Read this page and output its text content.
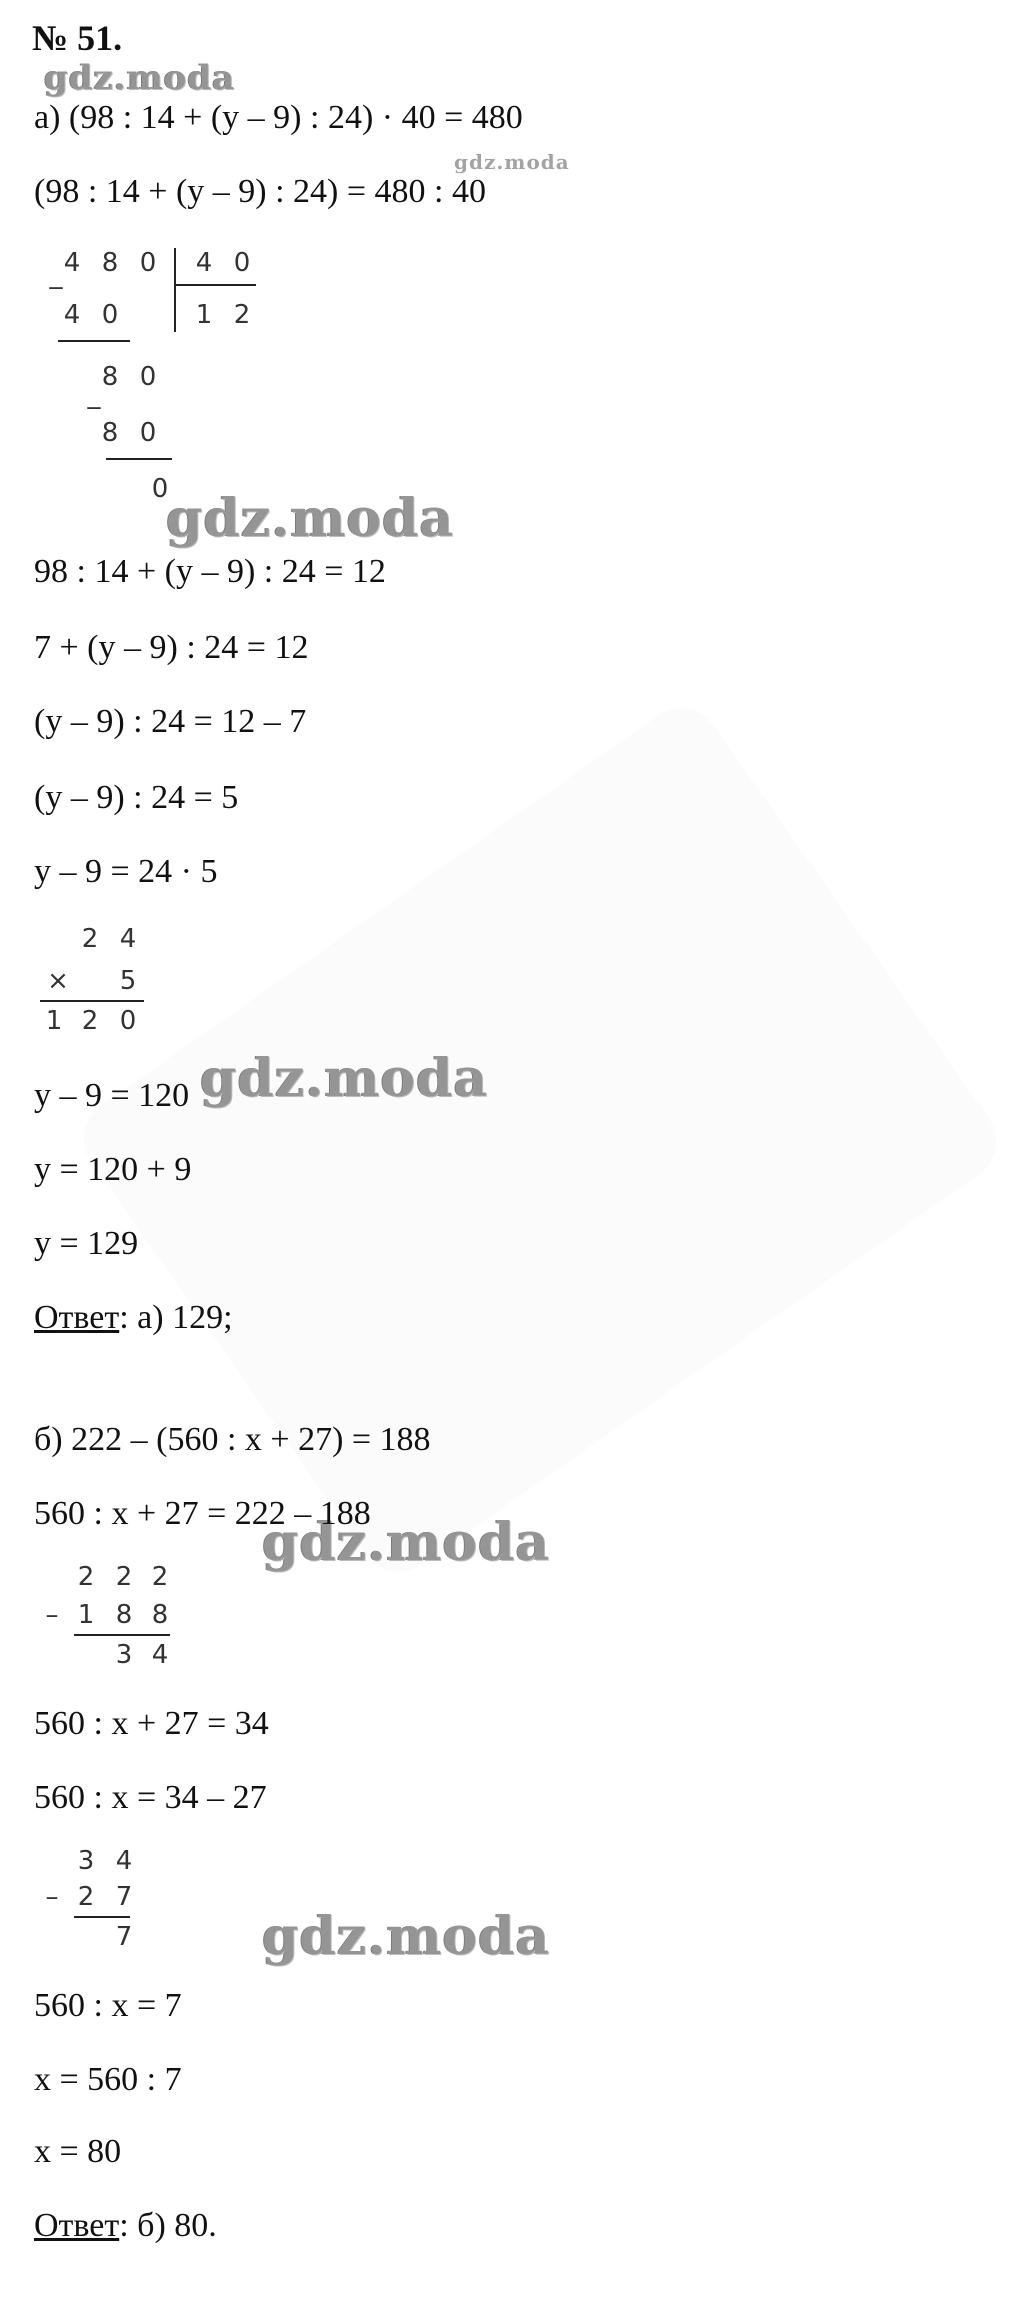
№ 51.
gdz.moda
gdz.moda
gdz.moda
gdz.moda
gdz.moda
gdz.moda
а) (98 : 14 + (y – 9) : 24) · 40 = 480
(98 : 14 + (y – 9) : 24) = 480 : 40
_ 4 8 0 4 0
1 2
4 0
_
8 0
8 0
0
98 : 14 + (y – 9) : 24 = 12
7 + (y – 9) : 24 = 12
(y – 9) : 24 = 12 – 7
(y – 9) : 24 = 5
y – 9 = 24 · 5
2 4
× 5
1 2 0
y – 9 = 120
y = 120 + 9
y = 129
Ответ: а) 129;
б) 222 – (560 : x + 27) = 188
560 : x + 27 = 222 – 188
2 2 2
– 1 8 8
3 4
560 : x + 27 = 34
560 : x = 34 – 27
3 4
– 2 7
7
560 : x = 7
x = 560 : 7
x = 80
Ответ: б) 80.
